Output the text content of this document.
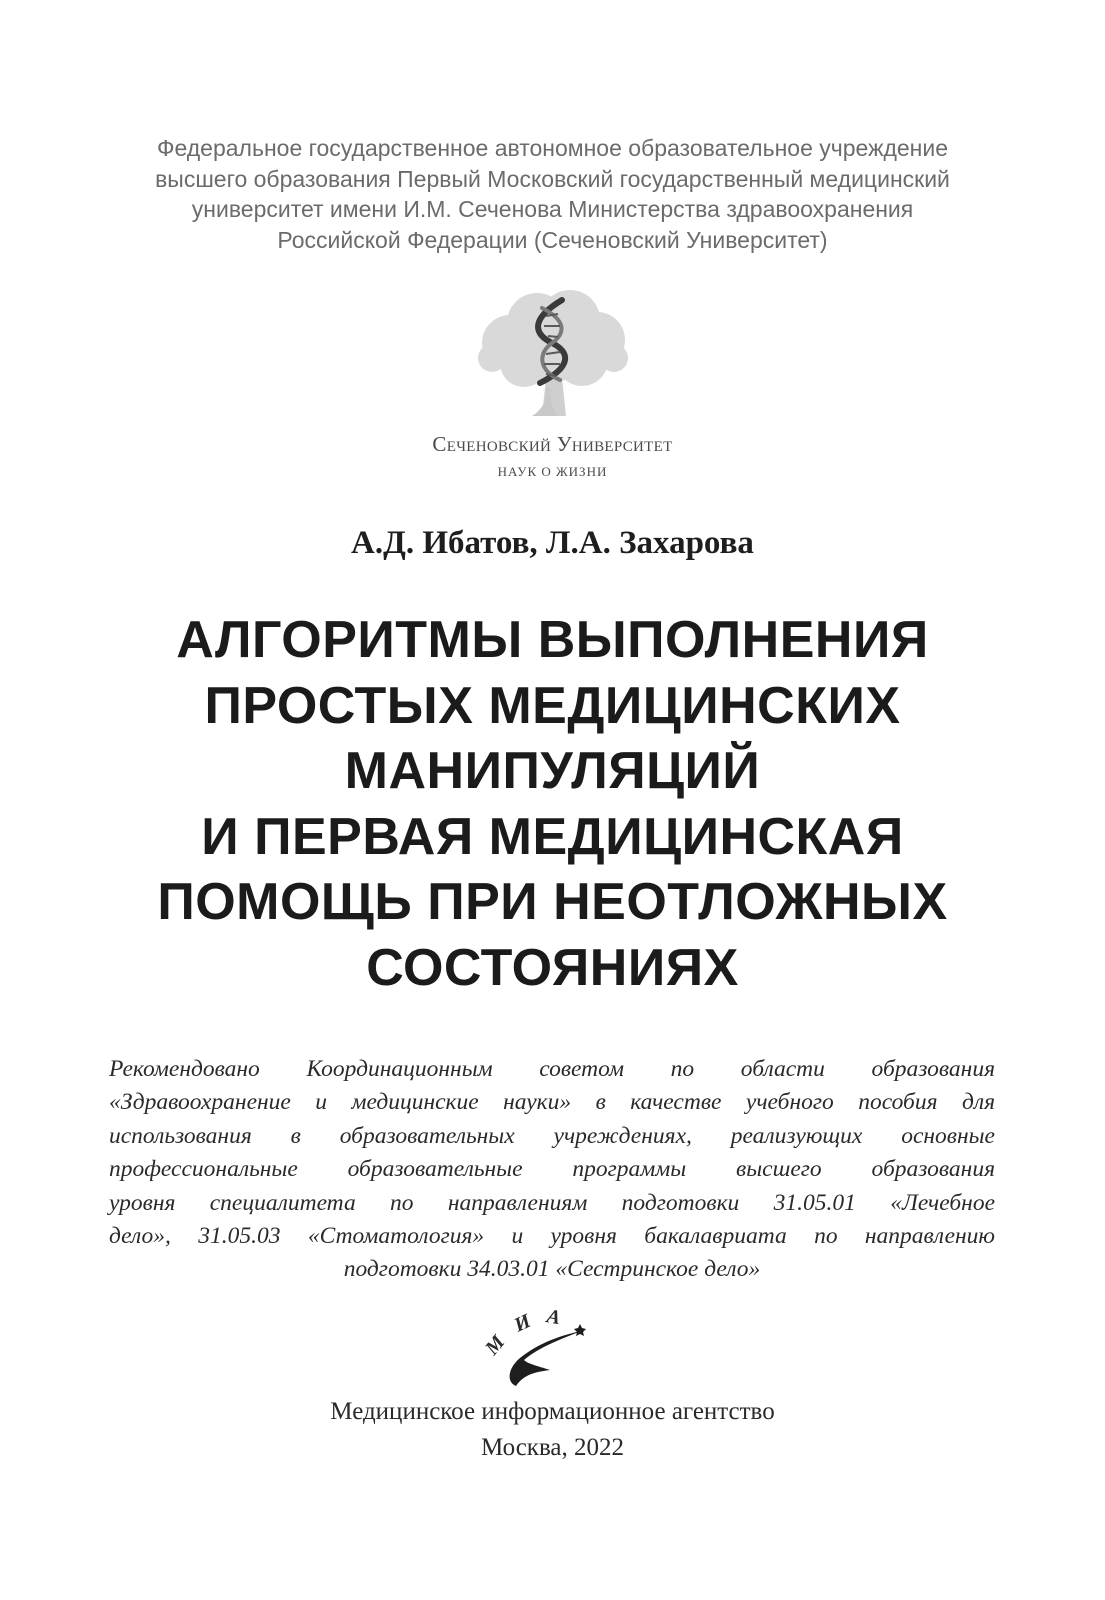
Федеральное государственное автономное образовательное учреждение
высшего образования Первый Московский государственный медицинский
университет имени И.М. Сеченова Министерства здравоохранения
Российской Федерации (Сеченовский Университет)
Сеченовский Университет
НАУК О ЖИЗНИ
А.Д. Ибатов, Л.А. Захарова
АЛГОРИТМЫ ВЫПОЛНЕНИЯ
ПРОСТЫХ МЕДИЦИНСКИХ
МАНИПУЛЯЦИЙ
И ПЕРВАЯ МЕДИЦИНСКАЯ
ПОМОЩЬ ПРИ НЕОТЛОЖНЫХ
СОСТОЯНИЯХ
Рекомендовано Координационным советом по области образования
«Здравоохранение и медицинские науки» в качестве учебного пособия для
использования в образовательных учреждениях, реализующих основные
профессиональные образовательные программы высшего образования
уровня специалитета по направлениям подготовки 31.05.01 «Лечебное
дело», 31.05.03 «Стоматология» и уровня бакалавриата по направлению
подготовки 34.03.01 «Сестринское дело»
М
И А
Медицинское информационное агентство
Москва, 2022
